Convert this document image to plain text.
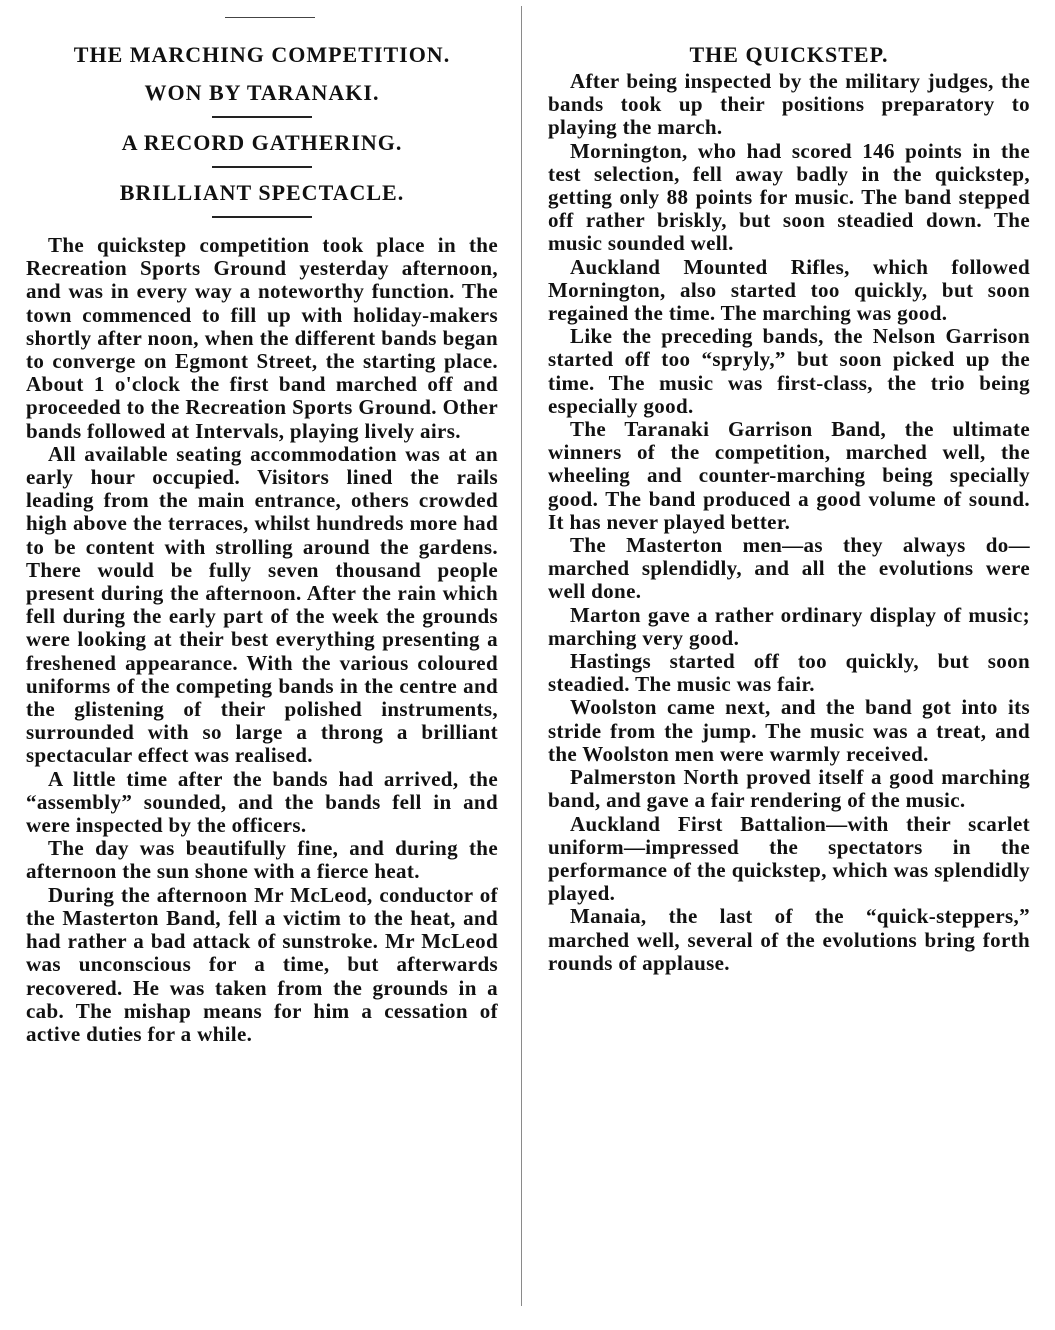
THE MARCHING COMPETITION.
WON BY TARANAKI.
A RECORD GATHERING.
BRILLIANT SPECTACLE.

The quickstep competition took place in the Recreation Sports Ground yesterday afternoon, and was in every way a noteworthy function. The town commenced to fill up with holiday-makers shortly after noon, when the different bands began to converge on Egmont Street, the starting place. About 1 o'clock the first band marched off and proceeded to the Recreation Sports Ground. Other bands followed at Intervals, playing lively airs.

All available seating accommodation was at an early hour occupied. Visitors lined the rails leading from the main entrance, others crowded high above the terraces, whilst hundreds more had to be content with strolling around the gardens. There would be fully seven thousand people present during the afternoon. After the rain which fell during the early part of the week the grounds were looking at their best everything presenting a freshened appearance. With the various coloured uniforms of the competing bands in the centre and the glistening of their polished instruments, surrounded with so large a throng a brilliant spectacular effect was realised.

A little time after the bands had arrived, the “assembly” sounded, and the bands fell in and were inspected by the officers.

The day was beautifully fine, and during the afternoon the sun shone with a fierce heat.

During the afternoon Mr McLeod, conductor of the Masterton Band, fell a victim to the heat, and had rather a bad attack of sunstroke. Mr McLeod was unconscious for a time, but afterwards recovered. He was taken from the grounds in a cab. The mishap means for him a cessation of active duties for a while.

THE QUICKSTEP.

After being inspected by the military judges, the bands took up their positions preparatory to playing the march.

Mornington, who had scored 146 points in the test selection, fell away badly in the quickstep, getting only 88 points for music. The band stepped off rather briskly, but soon steadied down. The music sounded well.

Auckland Mounted Rifles, which followed Mornington, also started too quickly, but soon regained the time. The marching was good.

Like the preceding bands, the Nelson Garrison started off too “spryly,” but soon picked up the time. The music was first-class, the trio being especially good.

The Taranaki Garrison Band, the ultimate winners of the competition, marched well, the wheeling and counter-marching being specially good. The band produced a good volume of sound. It has never played better.

The Masterton men—as they always do—marched splendidly, and all the evolutions were well done.

Marton gave a rather ordinary display of music; marching very good.

Hastings started off too quickly, but soon steadied. The music was fair.

Woolston came next, and the band got into its stride from the jump. The music was a treat, and the Woolston men were warmly received.

Palmerston North proved itself a good marching band, and gave a fair rendering of the music.

Auckland First Battalion—with their scarlet uniform—impressed the spectators in the performance of the quickstep, which was splendidly played.

Manaia, the last of the “quick-steppers,” marched well, several of the evolutions bring forth rounds of applause.
